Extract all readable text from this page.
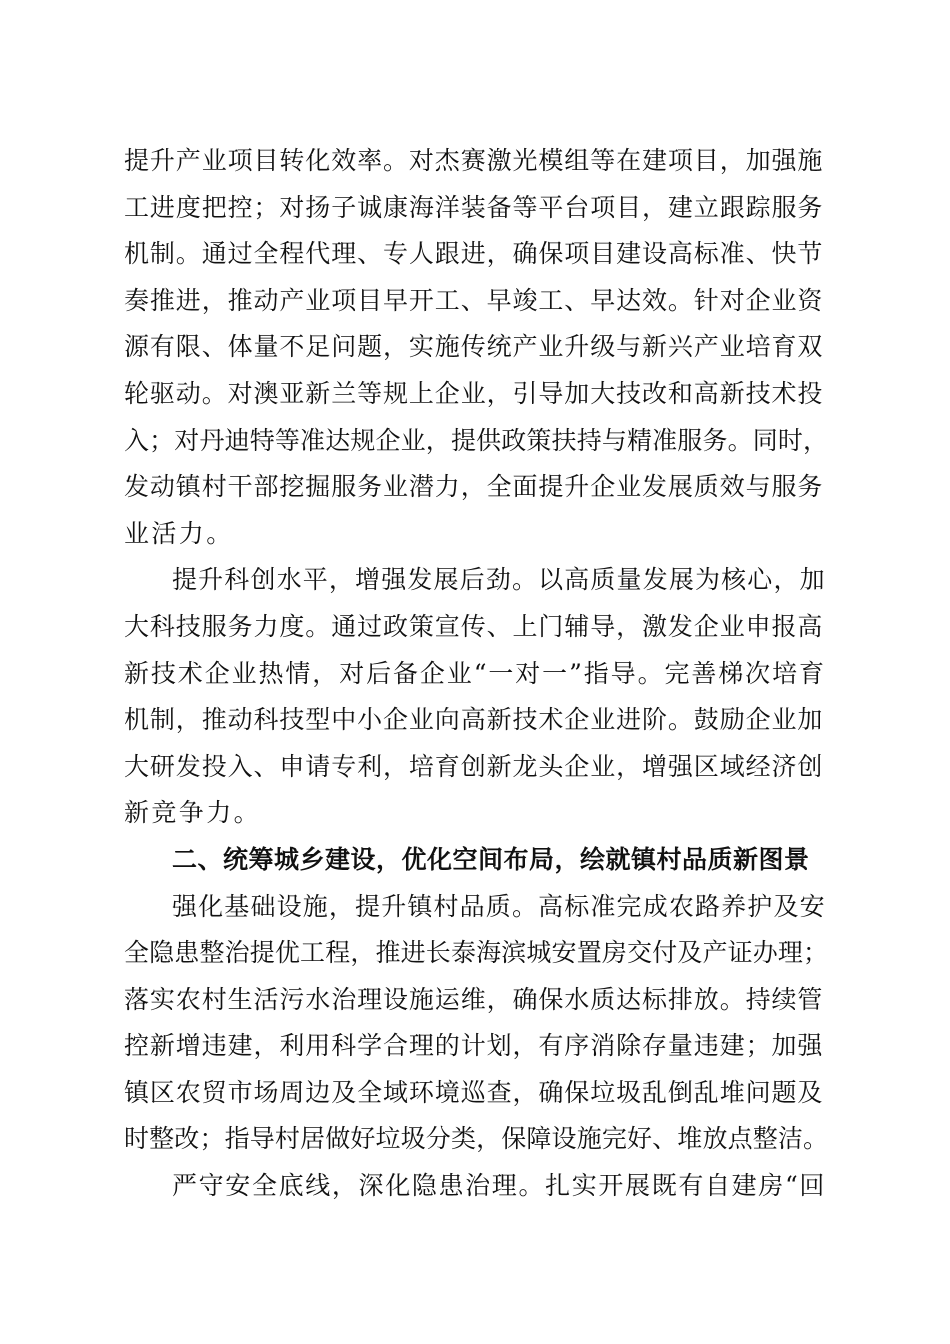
提升产业项目转化效率。对杰赛激光模组等在建项目，加强施
工进度把控；对扬子诚康海洋装备等平台项目，建立跟踪服务
机制。通过全程代理、专人跟进，确保项目建设高标准、快节
奏推进，推动产业项目早开工、早竣工、早达效。针对企业资
源有限、体量不足问题，实施传统产业升级与新兴产业培育双
轮驱动。对澳亚新兰等规上企业，引导加大技改和高新技术投
入；对丹迪特等准达规企业，提供政策扶持与精准服务。同时，
发动镇村干部挖掘服务业潜力，全面提升企业发展质效与服务
业活力。
提升科创水平，增强发展后劲。以高质量发展为核心，加
大科技服务力度。通过政策宣传、上门辅导，激发企业申报高
新技术企业热情，对后备企业“一对一”指导。完善梯次培育
机制，推动科技型中小企业向高新技术企业进阶。鼓励企业加
大研发投入、申请专利，培育创新龙头企业，增强区域经济创
新竞争力。
二、统筹城乡建设，优化空间布局，绘就镇村品质新图景
强化基础设施，提升镇村品质。高标准完成农路养护及安
全隐患整治提优工程，推进长泰海滨城安置房交付及产证办理；
落实农村生活污水治理设施运维，确保水质达标排放。持续管
控新增违建，利用科学合理的计划，有序消除存量违建；加强
镇区农贸市场周边及全域环境巡查，确保垃圾乱倒乱堆问题及
时整改；指导村居做好垃圾分类，保障设施完好、堆放点整洁。
严守安全底线，深化隐患治理。扎实开展既有自建房“回
